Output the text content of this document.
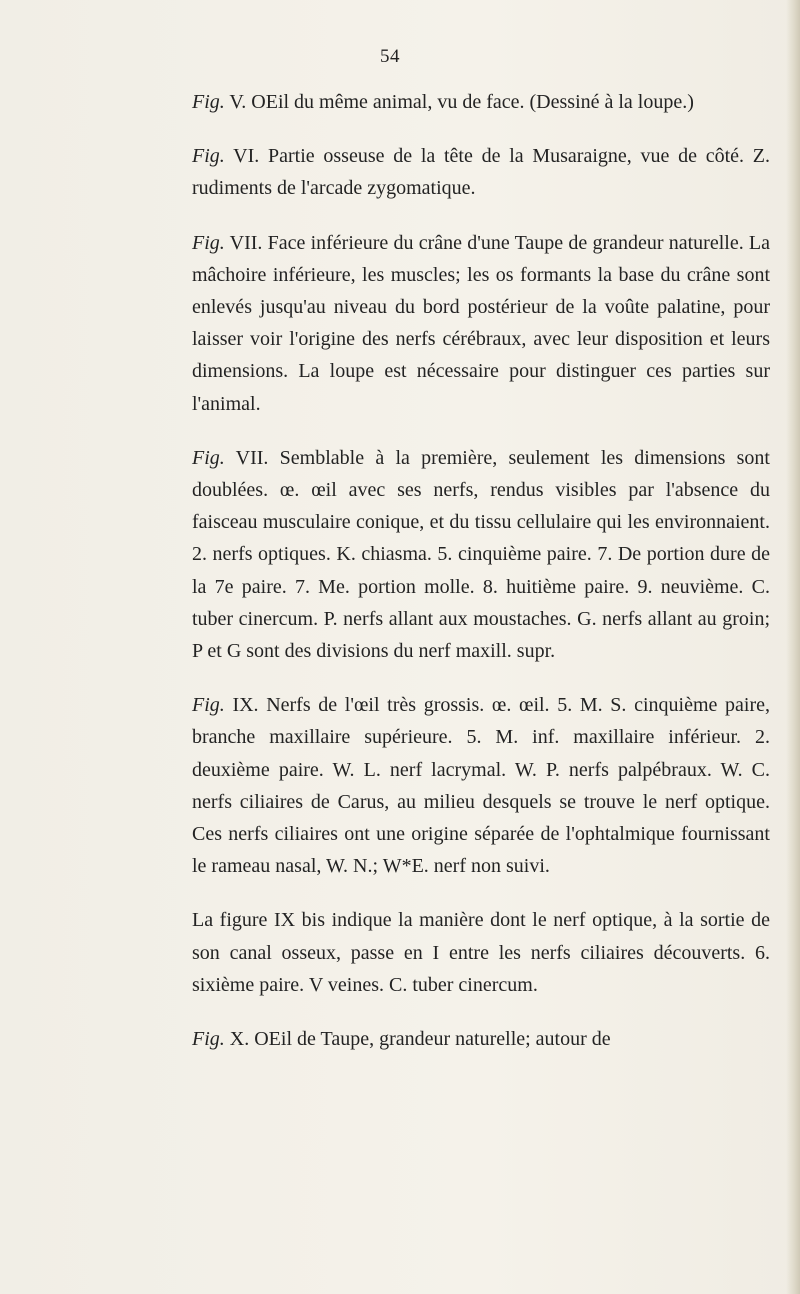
54

Fig. V. OEil du même animal, vu de face. (Dessiné à la loupe.)

Fig. VI. Partie osseuse de la tête de la Musaraigne, vue de côté. Z. rudiments de l'arcade zygomatique.

Fig. VII. Face inférieure du crâne d'une Taupe de grandeur naturelle. La mâchoire inférieure, les muscles; les os formants la base du crâne sont enlevés jusqu'au niveau du bord postérieur de la voûte palatine, pour laisser voir l'origine des nerfs cérébraux, avec leur disposition et leurs dimensions. La loupe est nécessaire pour distinguer ces parties sur l'animal.

Fig. VII. Semblable à la première, seulement les dimensions sont doublées. œ. œil avec ses nerfs, rendus visibles par l'absence du faisceau musculaire conique, et du tissu cellulaire qui les environnaient. 2. nerfs optiques. K. chiasma. 5. cinquième paire. 7. De portion dure de la 7e paire. 7. Me. portion molle. 8. huitième paire. 9. neuvième. C. tuber cinercum. P. nerfs allant aux moustaches. G. nerfs allant au groin; P et G sont des divisions du nerf maxill. supr.

Fig. IX. Nerfs de l'œil très grossis. œ. œil. 5. M. S. cinquième paire, branche maxillaire supérieure. 5. M. inf. maxillaire inférieur. 2. deuxième paire. W. L. nerf lacrymal. W. P. nerfs palpébraux. W. C. nerfs ciliaires de Carus, au milieu desquels se trouve le nerf optique. Ces nerfs ciliaires ont une origine séparée de l'ophtalmique fournissant le rameau nasal, W. N.; W*E. nerf non suivi.

La figure IX bis indique la manière dont le nerf optique, à la sortie de son canal osseux, passe en I entre les nerfs ciliaires découverts. 6. sixième paire. V veines. C. tuber cinercum.

Fig. X. OEil de Taupe, grandeur naturelle; autour de
